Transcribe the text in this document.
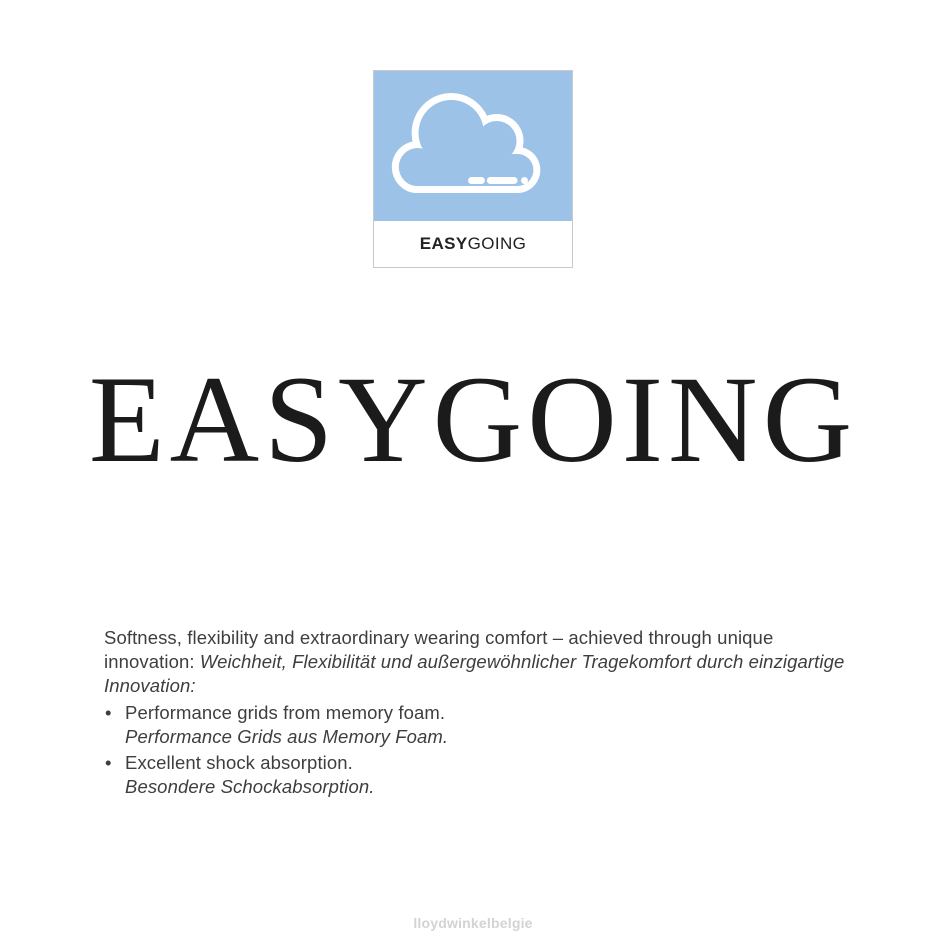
EASY GOING
EASYGOING

Softness, flexibility and extraordinary wearing comfort – achieved through unique innovation: Weichheit, Flexibilität und außergewöhnlicher Tragekomfort durch einzigartige Innovation:

• Performance grids from memory foam.
Performance Grids aus Memory Foam.
• Excellent shock absorption.
Besondere Schockabsorption.
lloydwinkelbelgie
